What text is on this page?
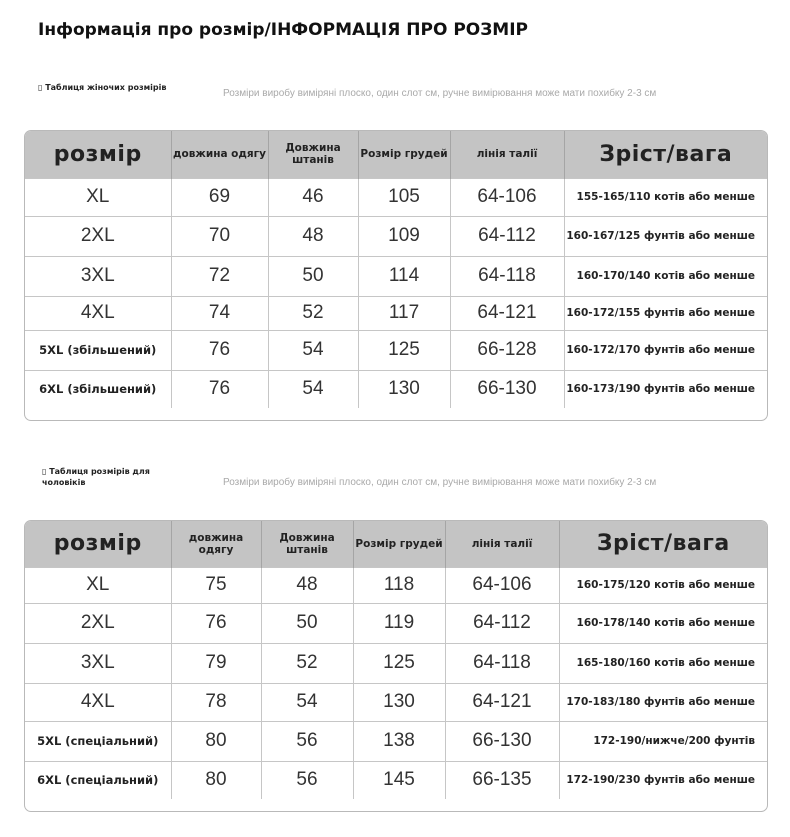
Інформація про розмір/ІНФОРМАЦІЯ ПРО РОЗМІР
▯ Таблиця жіночих розмірів
Розміри виробу виміряні плоско, один слот см, ручне вимірювання може мати похибку 2-3 см
розмір	довжина одягу	Довжина штанів	Розмір грудей	лінія талії	Зріст/вага
XL	69	46	105	64-106	155-165/110 котів або менше
2XL	70	48	109	64-112	160-167/125 фунтів або менше
3XL	72	50	114	64-118	160-170/140 котів або менше
4XL	74	52	117	64-121	160-172/155 фунтів або менше
5XL (збільшений)	76	54	125	66-128	160-172/170 фунтів або менше
6XL (збільшений)	76	54	130	66-130	160-173/190 фунтів або менше
▯ Таблиця розмірів для чоловіків	Розміри виробу виміряні плоско, один слот см, ручне вимірювання може мати похибку 2-3 см
розмір	довжина одягу	Довжина штанів	Розмір грудей	лінія талії	Зріст/вага
XL	75	48	118	64-106	160-175/120 котів або менше
2XL	76	50	119	64-112	160-178/140 котів або менше
3XL	79	52	125	64-118	165-180/160 котів або менше
4XL	78	54	130	64-121	170-183/180 фунтів або менше
5XL (спеціальний)	80	56	138	66-130	172-190/нижче/200 фунтів
6XL (спеціальний)	80	56	145	66-135	172-190/230 фунтів або менше
